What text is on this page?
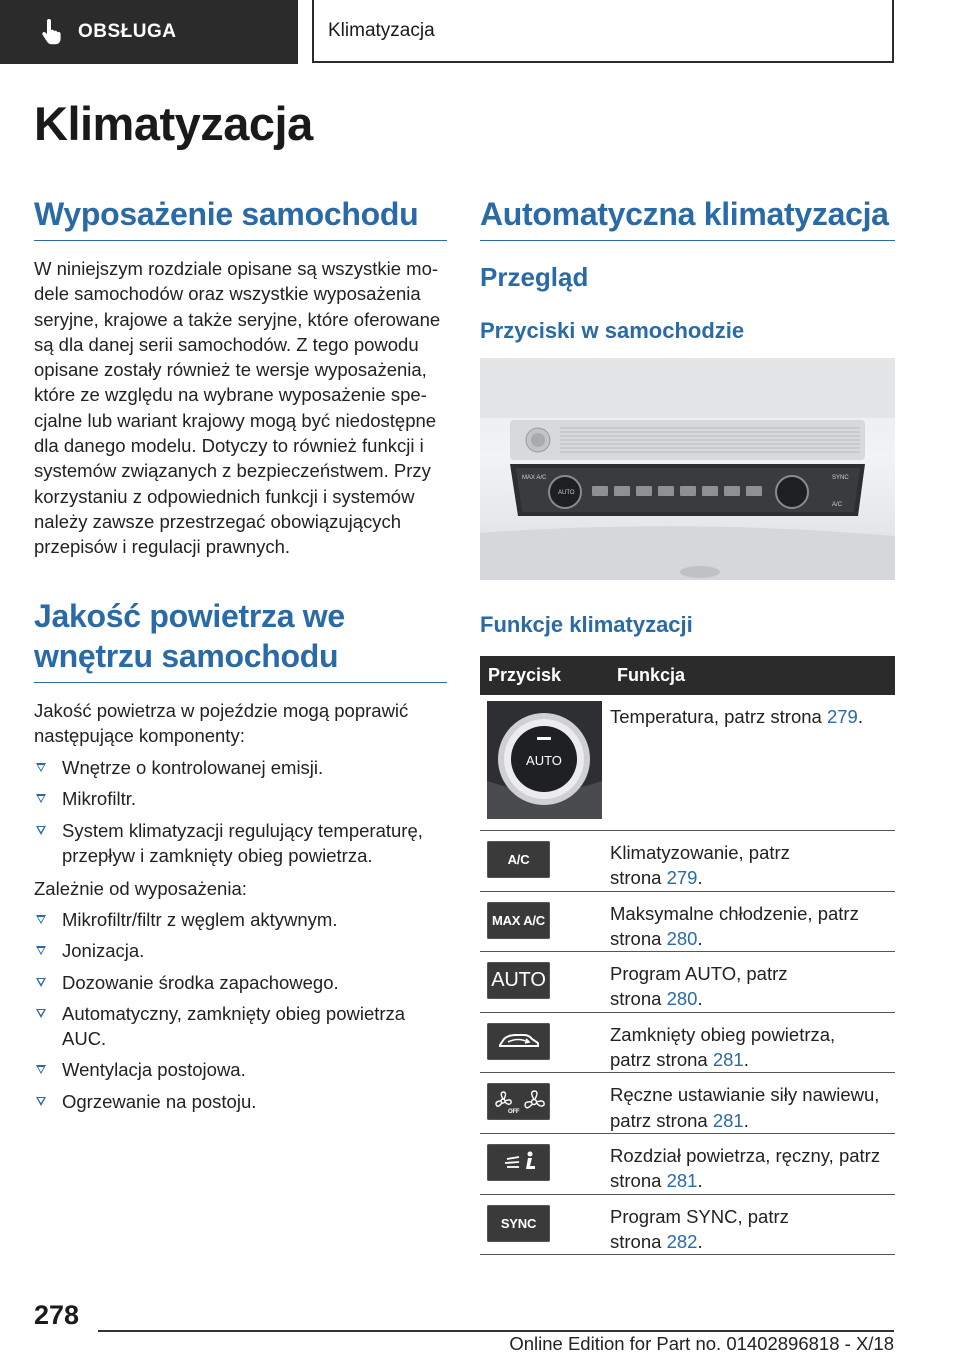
OBSŁUGA	Klimatyzacja
Klimatyzacja
Wyposażenie samochodu

W niniejszym rozdziale opisane są wszystkie mo-dele samochodów oraz wszystkie wyposażenia seryjne, krajowe a także seryjne, które oferowane są dla danej serii samochodów. Z tego powodu opisane zostały również te wersje wyposażenia, które ze względu na wybrane wyposażenie spe-cjalne lub wariant krajowy mogą być niedostępne dla danego modelu. Dotyczy to również funkcji i systemów związanych z bezpieczeństwem. Przy korzystaniu z odpowiednich funkcji i systemów należy zawsze przestrzegać obowiązujących przepisów i regulacji prawnych.

Jakość powietrza we
wnętrzu samochodu

Jakość powietrza w pojeździe mogą poprawić następujące komponenty:

Wnętrze o kontrolowanej emisji.
Mikrofiltr.
System klimatyzacji regulujący temperaturę, przepływ i zamknięty obieg powietrza.

Zależnie od wyposażenia:

Mikrofiltr/filtr z węglem aktywnym.
Jonizacja.
Dozowanie środka zapachowego.
Automatyczny, zamknięty obieg powietrza AUC.
Wentylacja postojowa.
Ogrzewanie na postoju.
Automatyczna klimatyzacja
Przegląd
Przyciski w samochodzie
MAX A/C	SYNC
AUTO
A/C
Funkcje klimatyzacji
Przycisk	Funkcja

AUTO	Temperatura, patrz strona 279.

A/C	Klimatyzowanie, patrz strona 279.

MAX A/C	Maksymalne chłodzenie, patrz strona 280.

AUTO	Program AUTO, patrz strona 280.

Zamknięty obieg powietrza, patrz strona 281.

OFF	Ręczne ustawianie siły nawiewu, patrz strona 281.

Rozdział powietrza, ręczny, patrz strona 281.

SYNC	Program SYNC, patrz strona 282.
278
Online Edition for Part no. 01402896818 - X/18
